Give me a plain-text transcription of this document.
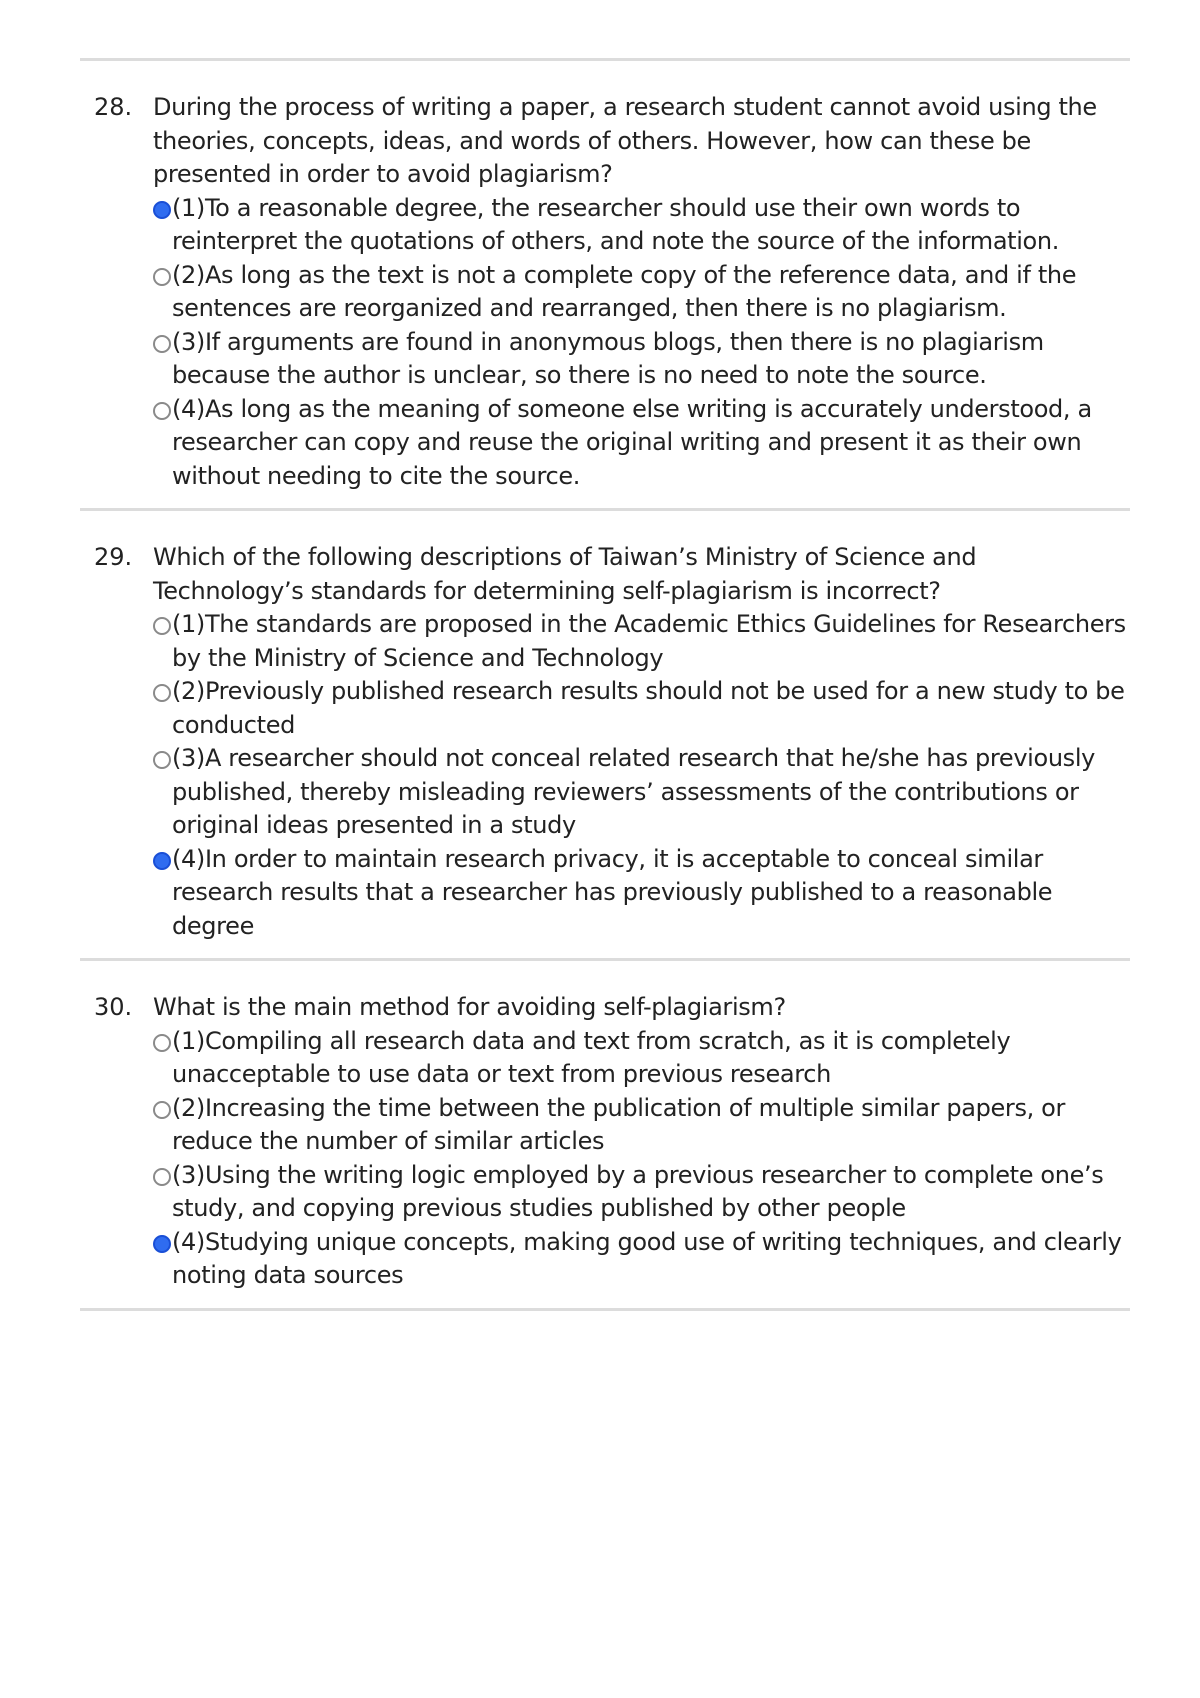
28. During the process of writing a paper, a research student cannot avoid using the theories, concepts, ideas, and words of others. However, how can these be presented in order to avoid plagiarism?

(1)To a reasonable degree, the researcher should use their own words to reinterpret the quotations of others, and note the source of the information.
(2)As long as the text is not a complete copy of the reference data, and if the sentences are reorganized and rearranged, then there is no plagiarism.
(3)If arguments are found in anonymous blogs, then there is no plagiarism because the author is unclear, so there is no need to note the source.
(4)As long as the meaning of someone else writing is accurately understood, a researcher can copy and reuse the original writing and present it as their own without needing to cite the source.
29. Which of the following descriptions of Taiwan’s Ministry of Science and Technology’s standards for determining self-plagiarism is incorrect?

(1)The standards are proposed in the Academic Ethics Guidelines for Researchers by the Ministry of Science and Technology
(2)Previously published research results should not be used for a new study to be conducted
(3)A researcher should not conceal related research that he/she has previously published, thereby misleading reviewers’ assessments of the contributions or original ideas presented in a study
(4)In order to maintain research privacy, it is acceptable to conceal similar research results that a researcher has previously published to a reasonable degree
30. What is the main method for avoiding self-plagiarism?

(1)Compiling all research data and text from scratch, as it is completely unacceptable to use data or text from previous research
(2)Increasing the time between the publication of multiple similar papers, or reduce the number of similar articles
(3)Using the writing logic employed by a previous researcher to complete one’s study, and copying previous studies published by other people
(4)Studying unique concepts, making good use of writing techniques, and clearly noting data sources
